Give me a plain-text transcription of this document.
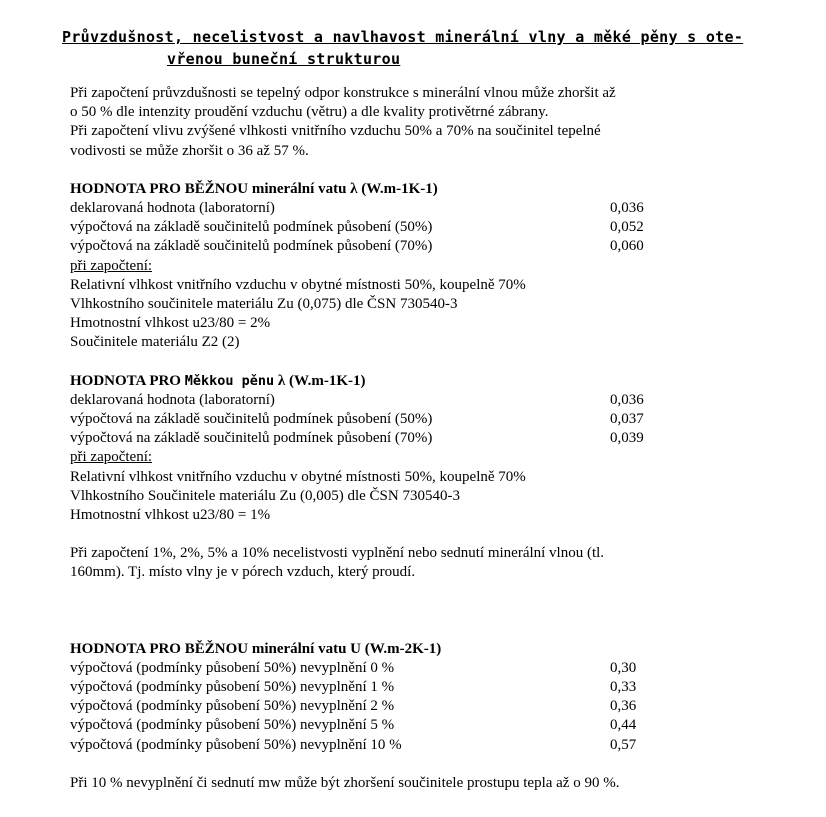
Průvzdušnost, necelistvost a navlhavost minerální vlny a měké pěny s ote-
vřenou buneční strukturou

Při započtení průvzdušnosti se tepelný odpor konstrukce s minerální vlnou může zhoršit až
o 50 % dle intenzity proudění vzduchu (větru) a dle kvality protivětrné zábrany.
Při započtení vlivu zvýšené vlhkosti vnitřního vzduchu 50% a 70% na součinitel tepelné
vodivosti se může zhoršit o 36 až 57 %.
HODNOTA PRO BĚŽNOU minerální vatu λ (W.m-1K-1)
deklarovaná hodnota (laboratorní)	0,036
výpočtová na základě součinitelů podmínek působení (50%)	0,052
výpočtová na základě součinitelů podmínek působení (70%)	0,060
při započtení:
Relativní vlhkost vnitřního vzduchu v obytné místnosti 50%, koupelně 70%
Vlhkostního součinitele materiálu Zu (0,075) dle ČSN 730540-3
Hmotnostní vlhkost u23/80 = 2%
Součinitele materiálu Z2 (2)
HODNOTA PRO Měkkou pěnu λ (W.m-1K-1)
deklarovaná hodnota (laboratorní)	0,036
výpočtová na základě součinitelů podmínek působení (50%)	0,037
výpočtová na základě součinitelů podmínek působení (70%)	0,039
při započtení:
Relativní vlhkost vnitřního vzduchu v obytné místnosti 50%, koupelně 70%
Vlhkostního Součinitele materiálu Zu (0,005) dle ČSN 730540-3
Hmotnostní vlhkost u23/80 = 1%
Při započtení 1%, 2%, 5% a 10% necelistvosti vyplnění nebo sednutí minerální vlnou (tl.
160mm). Tj. místo vlny je v pórech vzduch, který proudí.
HODNOTA PRO BĚŽNOU minerální vatu U (W.m-2K-1)
výpočtová (podmínky působení 50%) nevyplnění 0 %	0,30
výpočtová (podmínky působení 50%) nevyplnění 1 %	0,33
výpočtová (podmínky působení 50%) nevyplnění 2 %	0,36
výpočtová (podmínky působení 50%) nevyplnění 5 %	0,44
výpočtová (podmínky působení 50%) nevyplnění 10 %	0,57
Při 10 % nevyplnění či sednutí mw může být zhoršení součinitele prostupu tepla až o 90 %.
